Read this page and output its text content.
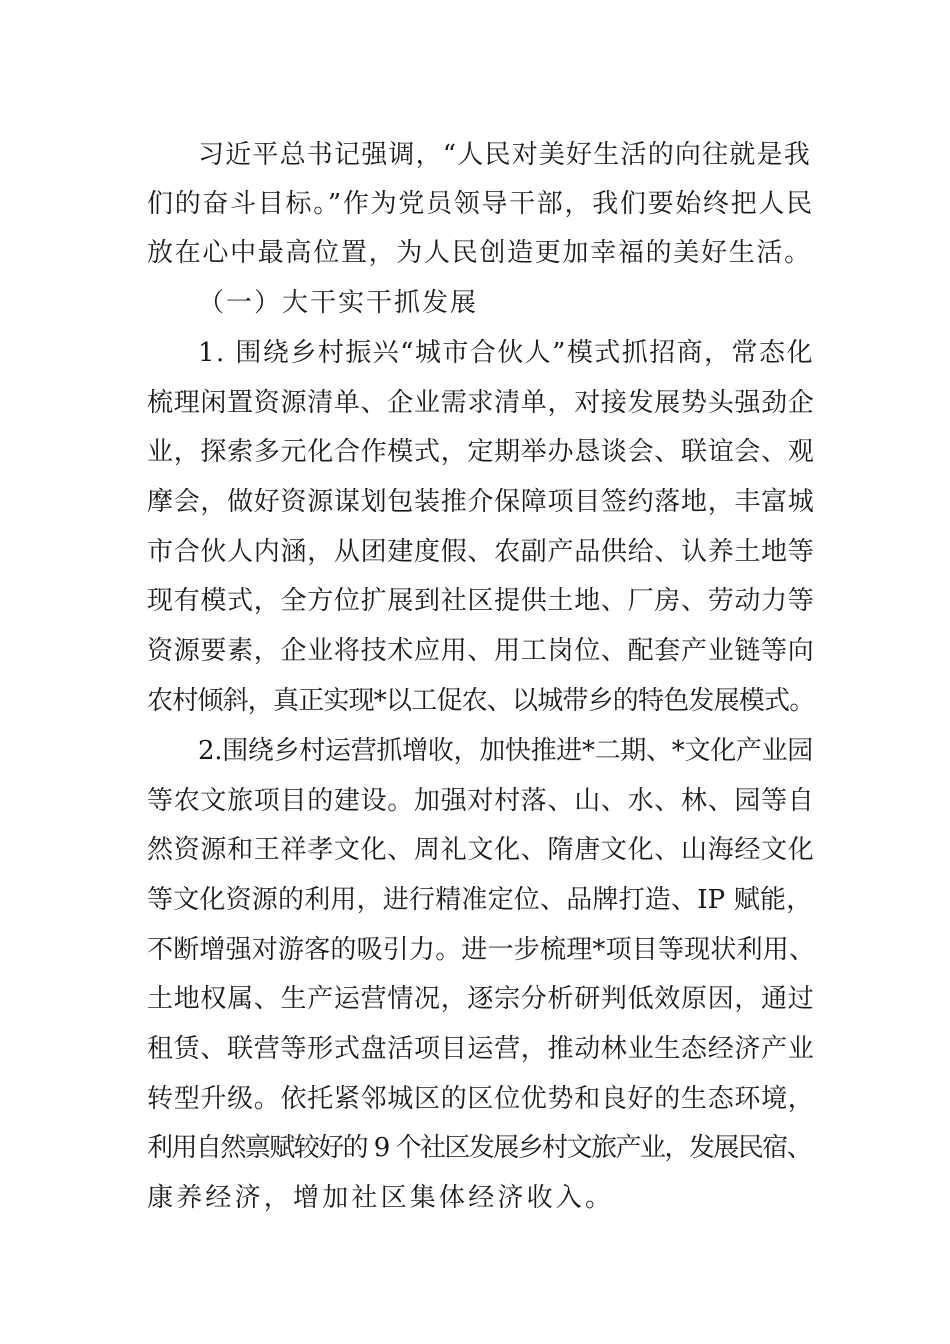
习近平总书记强调，“人民对美好生活的向往就是我
们的奋斗目标。”作为党员领导干部，我们要始终把人民
放在心中最高位置，为人民创造更加幸福的美好生活。
（一）大干实干抓发展
1. 围绕乡村振兴“城市合伙人”模式抓招商，常态化
梳理闲置资源清单、企业需求清单，对接发展势头强劲企
业，探索多元化合作模式，定期举办恳谈会、联谊会、观
摩会，做好资源谋划包装推介保障项目签约落地，丰富城
市合伙人内涵，从团建度假、农副产品供给、认养土地等
现有模式，全方位扩展到社区提供土地、厂房、劳动力等
资源要素，企业将技术应用、用工岗位、配套产业链等向
农村倾斜，真正实现*以工促农、以城带乡的特色发展模式。
2.围绕乡村运营抓增收，加快推进*二期、*文化产业园
等农文旅项目的建设。加强对村落、山、水、林、园等自
然资源和王祥孝文化、周礼文化、隋唐文化、山海经文化
等文化资源的利用，进行精准定位、品牌打造、IP 赋能，
不断增强对游客的吸引力。进一步梳理*项目等现状利用、
土地权属、生产运营情况，逐宗分析研判低效原因，通过
租赁、联营等形式盘活项目运营，推动林业生态经济产业
转型升级。依托紧邻城区的区位优势和良好的生态环境，
利用自然禀赋较好的 9 个社区发展乡村文旅产业，发展民宿、
康养经济，增加社区集体经济收入。
